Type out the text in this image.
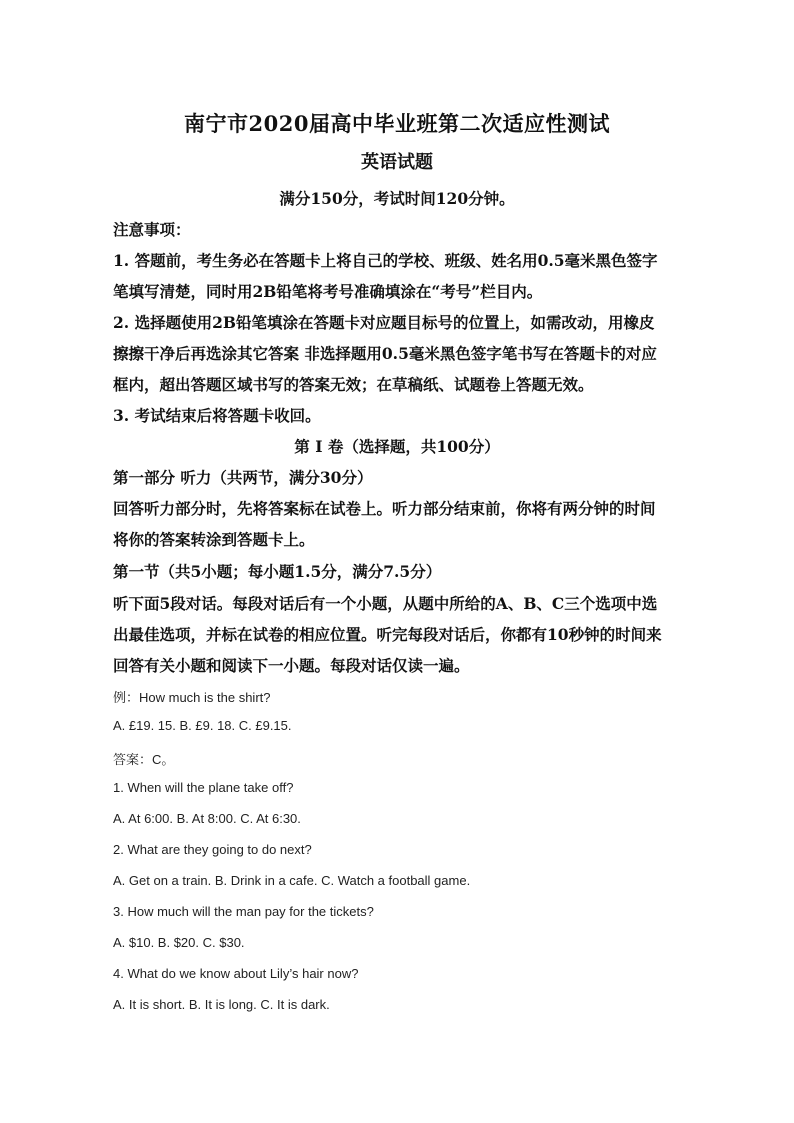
南宁市2020届高中毕业班第二次适应性测试
英语试题
满分150分，考试时间120分钟。
注意事项：
1. 答题前，考生务必在答题卡上将自己的学校、班级、姓名用0.5毫米黑色签字
笔填写清楚，同时用2B铅笔将考号准确填涂在“考号”栏目内。
2. 选择题使用2B铅笔填涂在答题卡对应题目标号的位置上，如需改动，用橡皮
擦擦干净后再选涂其它答案 非选择题用0.5毫米黑色签字笔书写在答题卡的对应
框内，超出答题区域书写的答案无效；在草稿纸、试题卷上答题无效。
3. 考试结束后将答题卡收回。
第 I 卷（选择题，共100分）
第一部分 听力（共两节，满分30分）
回答听力部分时，先将答案标在试卷上。听力部分结束前，你将有两分钟的时间
将你的答案转涂到答题卡上。
第一节（共5小题；每小题1.5分，满分7.5分）
听下面5段对话。每段对话后有一个小题，从题中所给的A、B、C三个选项中选
出最佳选项，并标在试卷的相应位置。听完每段对话后，你都有10秒钟的时间来
回答有关小题和阅读下一小题。每段对话仅读一遍。
例：How much is the shirt?
A. £19. 15. B. £9. 18. C. £9.15.
答案：C。
1. When will the plane take off?
A. At 6:00. B. At 8:00. C. At 6:30.
2. What are they going to do next?
A. Get on a train. B. Drink in a cafe. C. Watch a football game.
3. How much will the man pay for the tickets?
A. $10. B. $20. C. $30.
4. What do we know about Lily’s hair now?
A. It is short. B. It is long. C. It is dark.
